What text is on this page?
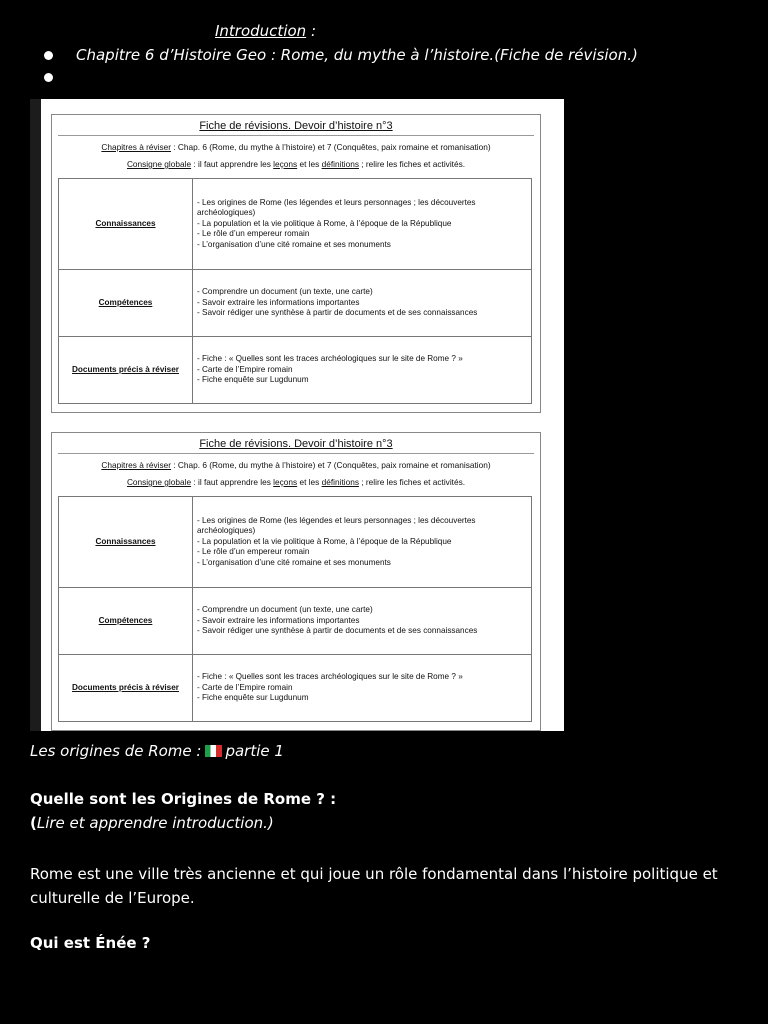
Introduction :
Chapitre 6 d’Histoire Geo : Rome, du mythe à l’histoire.(Fiche de révision.)
Fiche de révisions. Devoir d’histoire n°3
Chapitres à réviser : Chap. 6 (Rome, du mythe à l’histoire) et 7 (Conquêtes, paix romaine et romanisation)
Consigne globale : il faut apprendre les leçons et les définitions ; relire les fiches et activités.
Connaissances	- Les origines de Rome (les légendes et leurs personnages ; les découvertes
archéologiques)
- La population et la vie politique à Rome, à l’époque de la République
- Le rôle d’un empereur romain
- L’organisation d’une cité romaine et ses monuments

Compétences	- Comprendre un document (un texte, une carte)
- Savoir extraire les informations importantes
- Savoir rédiger une synthèse à partir de documents et de ses connaissances

Documents précis à réviser	- Fiche : « Quelles sont les traces archéologiques sur le site de Rome ? »
- Carte de l’Empire romain
- Fiche enquête sur Lugdunum
Fiche de révisions. Devoir d’histoire n°3
Chapitres à réviser : Chap. 6 (Rome, du mythe à l’histoire) et 7 (Conquêtes, paix romaine et romanisation)
Consigne globale : il faut apprendre les leçons et les définitions ; relire les fiches et activités.
Connaissances	- Les origines de Rome (les légendes et leurs personnages ; les découvertes
archéologiques)
- La population et la vie politique à Rome, à l’époque de la République
- Le rôle d’un empereur romain
- L’organisation d’une cité romaine et ses monuments

Compétences	- Comprendre un document (un texte, une carte)
- Savoir extraire les informations importantes
- Savoir rédiger une synthèse à partir de documents et de ses connaissances

Documents précis à réviser	- Fiche : « Quelles sont les traces archéologiques sur le site de Rome ? »
- Carte de l’Empire romain
- Fiche enquête sur Lugdunum
Les origines de Rome : partie 1
Quelle sont les Origines de Rome ? :
(Lire et apprendre introduction.)
Rome est une ville très ancienne et qui joue un rôle fondamental dans l’histoire politique et
culturelle de l’Europe.
Qui est Énée ?
